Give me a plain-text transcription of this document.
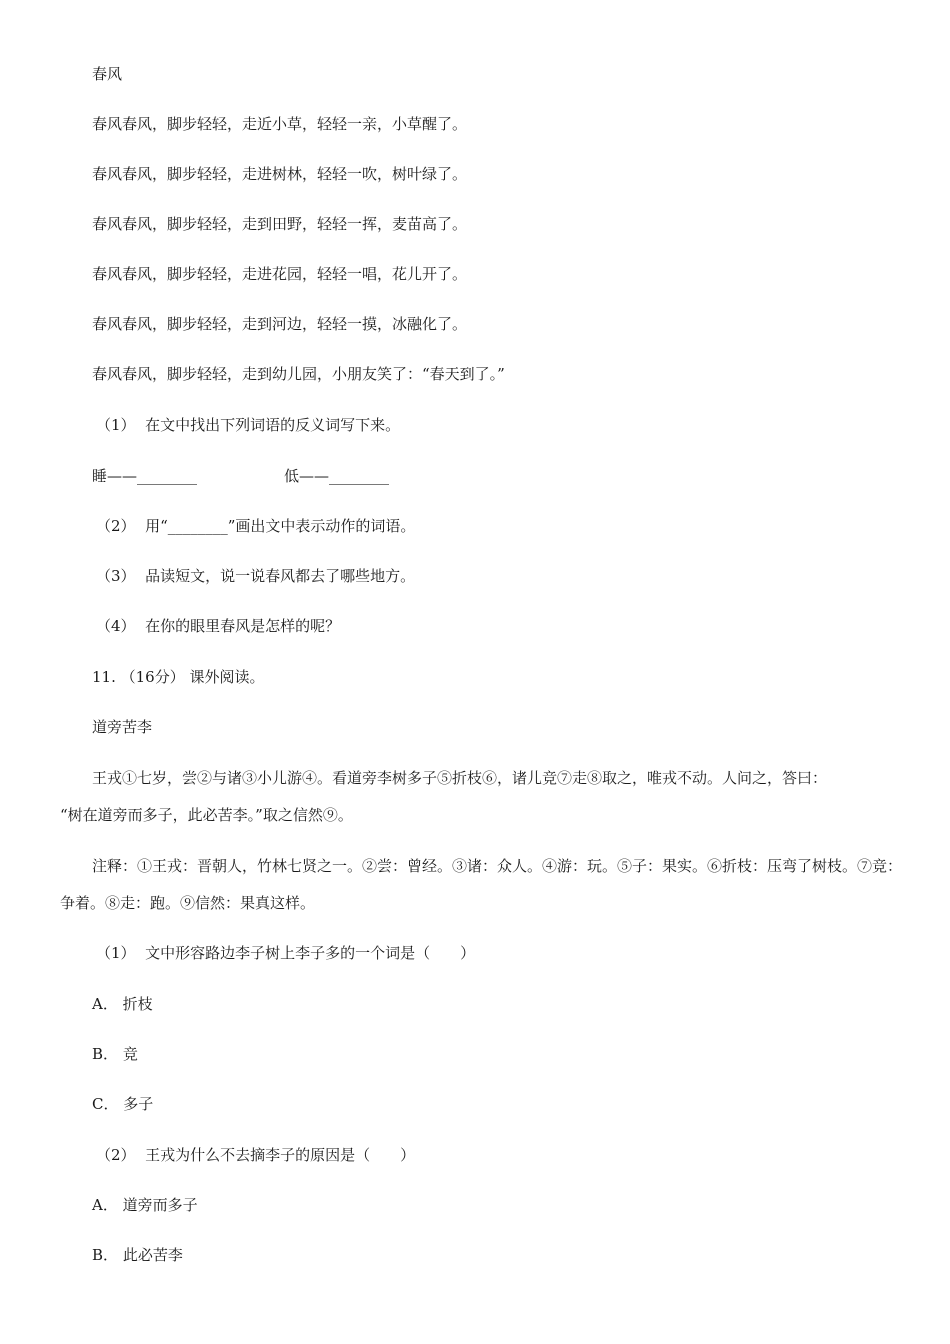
春风
春风春风，脚步轻轻，走近小草，轻轻一亲，小草醒了。
春风春风，脚步轻轻，走进树林，轻轻一吹，树叶绿了。
春风春风，脚步轻轻，走到田野，轻轻一挥，麦苗高了。
春风春风，脚步轻轻，走进花园，轻轻一唱，花儿开了。
春风春风，脚步轻轻，走到河边，轻轻一摸，冰融化了。
春风春风，脚步轻轻，走到幼儿园，小朋友笑了：“春天到了。”
（1） 在文中找出下列词语的反义词写下来。
睡——________	低——________
（2） 用“________”画出文中表示动作的词语。
（3） 品读短文，说一说春风都去了哪些地方。
（4） 在你的眼里春风是怎样的呢？
11. （16分） 课外阅读。
道旁苦李
王戎①七岁，尝②与诸③小儿游④。看道旁李树多子⑤折枝⑥，诸儿竞⑦走⑧取之，唯戎不动。人问之，答曰：
“树在道旁而多子，此必苦李。”取之信然⑨。
注释：①王戎：晋朝人，竹林七贤之一。②尝：曾经。③诸：众人。④游：玩。⑤子：果实。⑥折枝：压弯了树枝。⑦竞：
争着。⑧走：跑。⑨信然：果真这样。
（1） 文中形容路边李子树上李子多的一个词是（　　）
A． 折枝
B． 竞
C． 多子
（2） 王戎为什么不去摘李子的原因是（　　）
A． 道旁而多子
B． 此必苦李
